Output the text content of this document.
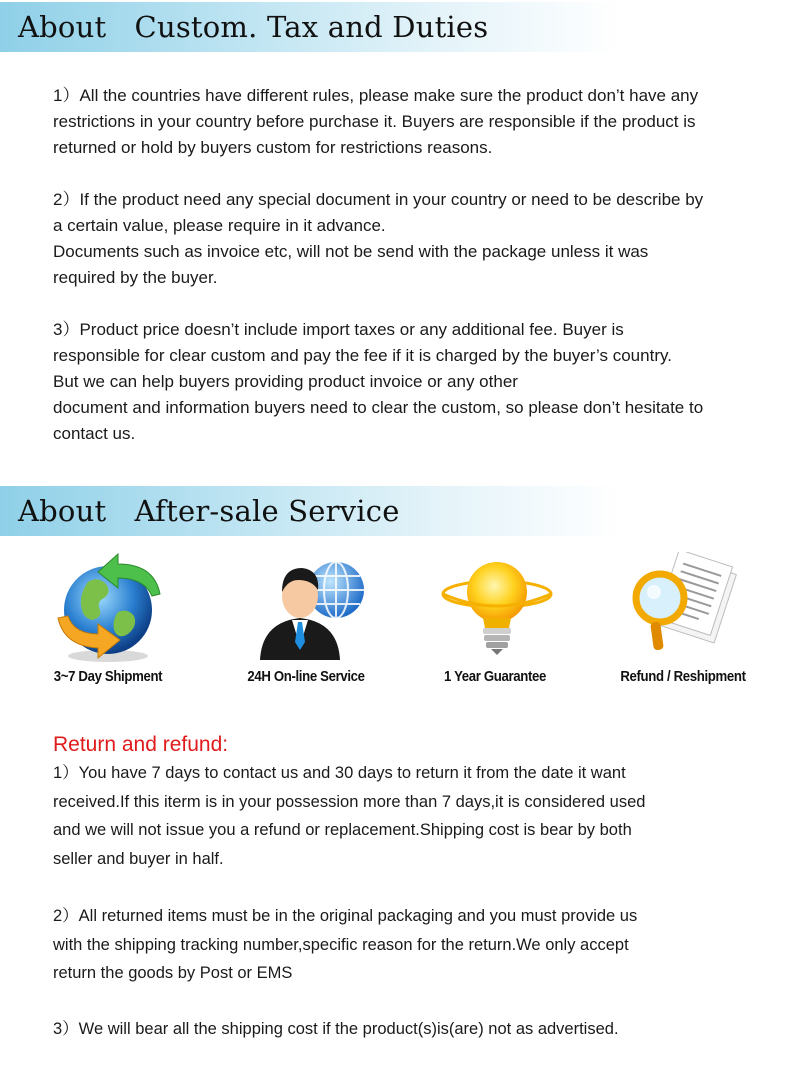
About   Custom. Tax and Duties

1）All the countries have different rules, please make sure the product don’t have any

restrictions in your country before purchase it. Buyers are responsible if the product is

returned or hold by buyers custom for restrictions reasons.

2）If the product need any special document in your country or need to be describe by

a certain value, please require in it advance.

Documents such as invoice etc, will not be send with the package unless it was

required by the buyer.

3）Product price doesn’t include import taxes or any additional fee. Buyer is

responsible for clear custom and pay the fee if it is charged by the buyer’s country.

But we can help buyers providing product invoice or any other

document and information buyers need to clear the custom, so please don’t hesitate to

contact us.

About   After-sale Service
3~7 Day Shipment	24H On-line Service	1 Year Guarantee	Refund / Reshipment
Return and refund:

1）You have 7 days to contact us and 30 days to return it from the date it want

received.If this iterm is in your possession more than 7 days,it is considered used

and we will not issue you a refund or replacement.Shipping cost is bear by both

seller and buyer in half.

2）All returned items must be in the original packaging and you must provide us

with the shipping tracking number,specific reason for the return.We only accept

return the goods by Post or EMS

3）We will bear all the shipping cost if the product(s)is(are) not as advertised.
